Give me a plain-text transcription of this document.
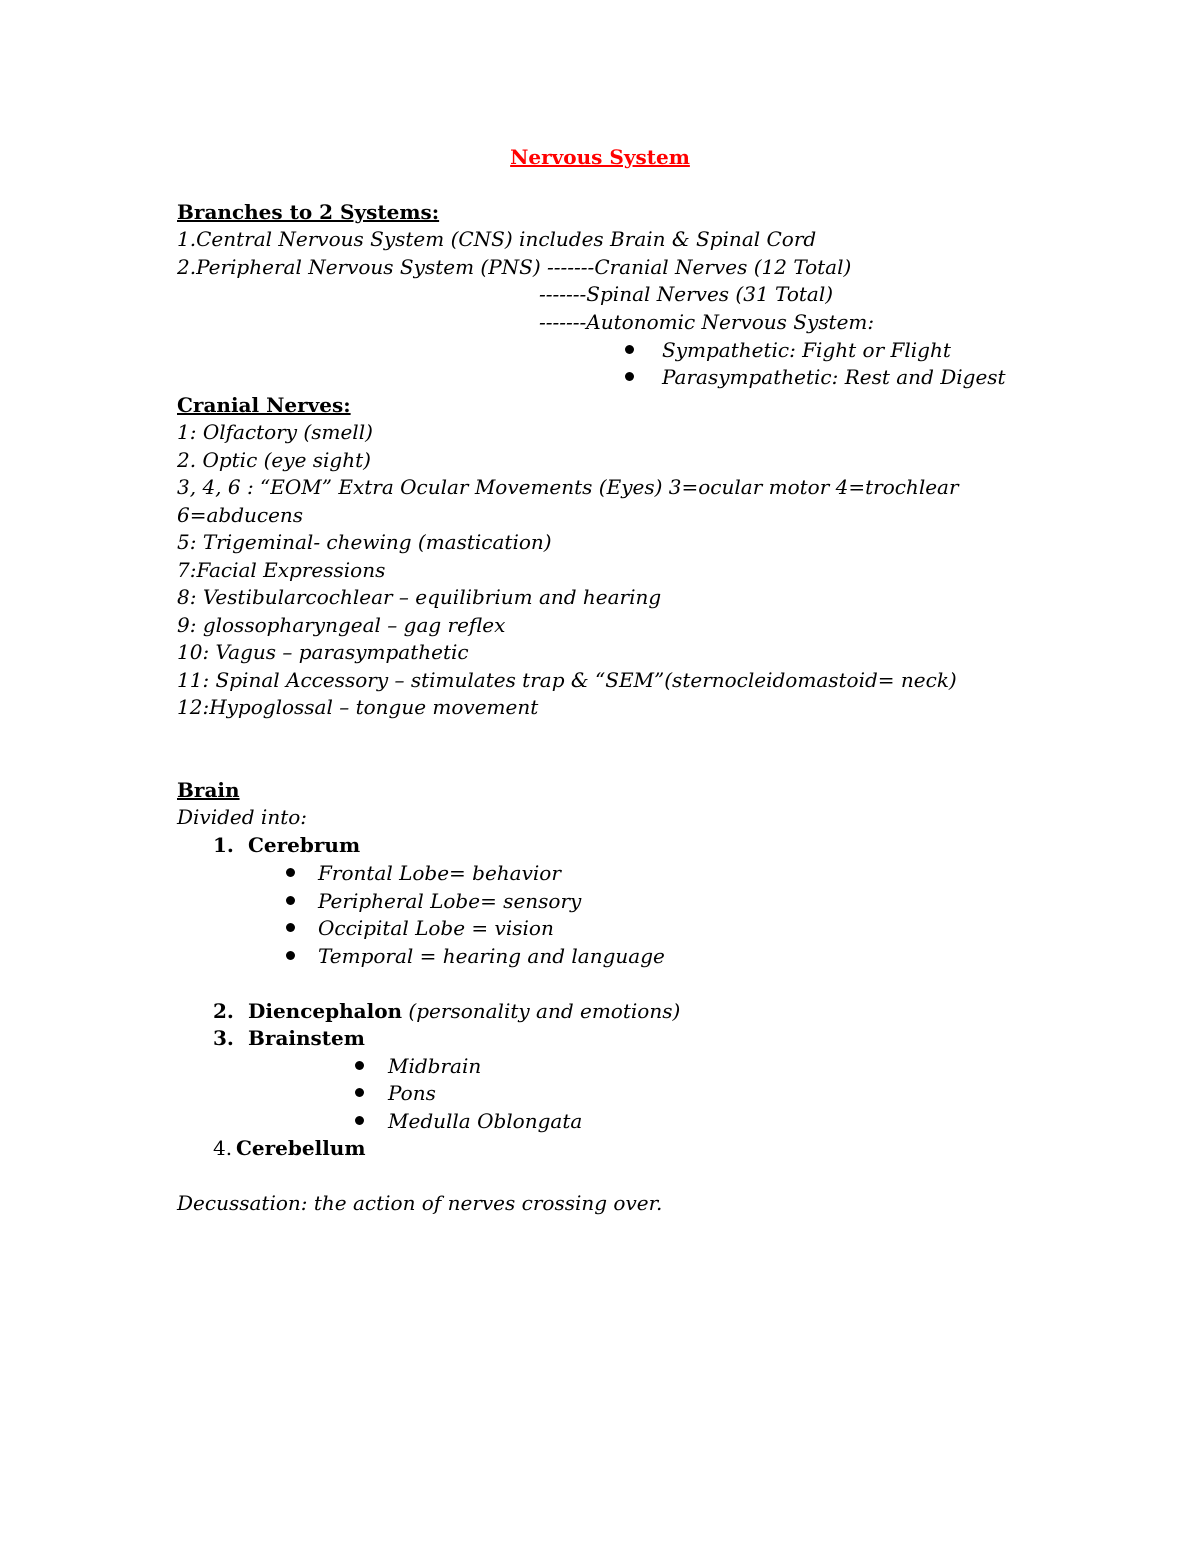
Nervous System
Branches to 2 Systems:
1.Central Nervous System (CNS) includes Brain & Spinal Cord
2.Peripheral Nervous System (PNS) -------Cranial Nerves (12 Total)
-------Spinal Nerves (31 Total)
-------Autonomic Nervous System:
Sympathetic: Fight or Flight
Parasympathetic: Rest and Digest
Cranial Nerves:
1: Olfactory (smell)
2. Optic (eye sight)
3, 4, 6 : “EOM” Extra Ocular Movements (Eyes) 3=ocular motor 4=trochlear
6=abducens
5: Trigeminal- chewing (mastication)
7:Facial Expressions
8: Vestibularcochlear – equilibrium and hearing
9: glossopharyngeal – gag reflex
10: Vagus – parasympathetic
11: Spinal Accessory – stimulates trap & “SEM”(sternocleidomastoid= neck)
12:Hypoglossal – tongue movement
Brain
Divided into:
1. Cerebrum
Frontal Lobe= behavior
Peripheral Lobe= sensory
Occipital Lobe = vision
Temporal = hearing and language
2. Diencephalon (personality and emotions)
3. Brainstem
Midbrain
Pons
Medulla Oblongata
4. Cerebellum
Decussation: the action of nerves crossing over.
